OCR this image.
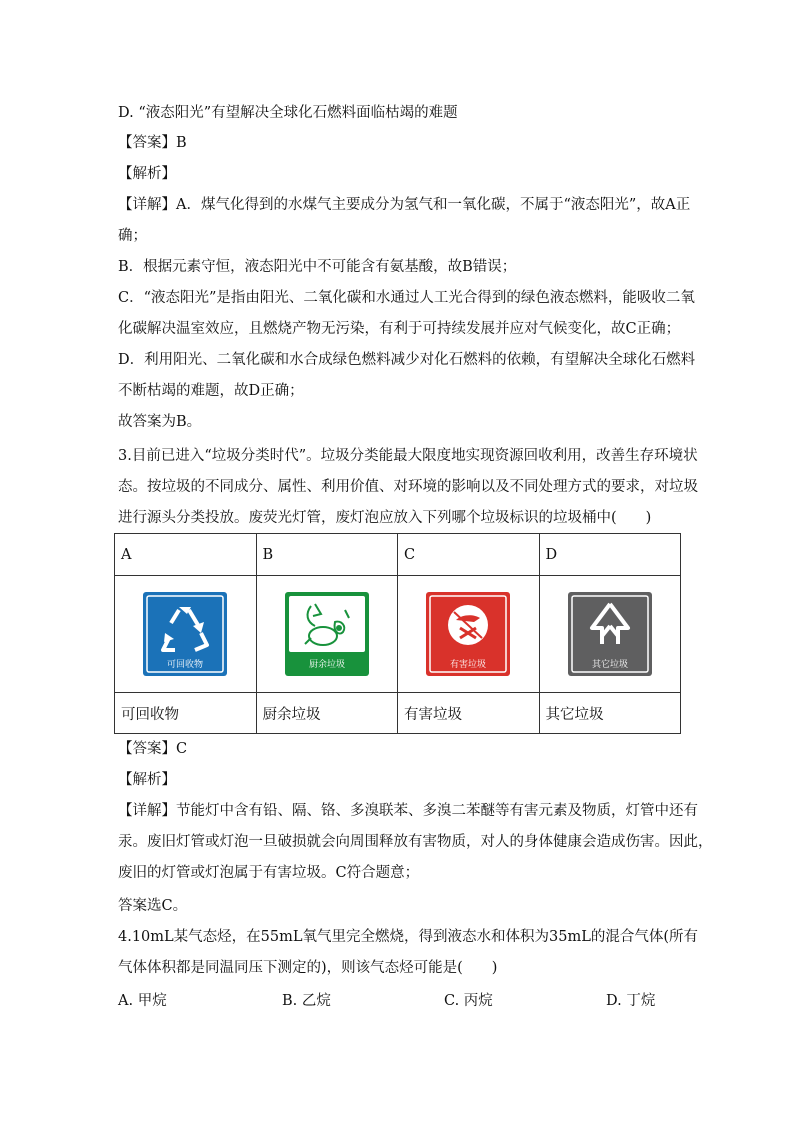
D. “液态阳光”有望解决全球化石燃料面临枯竭的难题
【答案】B
【解析】
【详解】A．煤气化得到的水煤气主要成分为氢气和一氧化碳，不属于“液态阳光”，故A正
确；
B．根据元素守恒，液态阳光中不可能含有氨基酸，故B错误；
C．“液态阳光”是指由阳光、二氧化碳和水通过人工光合得到的绿色液态燃料，能吸收二氧
化碳解决温室效应，且燃烧产物无污染，有利于可持续发展并应对气候变化，故C正确；
D．利用阳光、二氧化碳和水合成绿色燃料减少对化石燃料的依赖，有望解决全球化石燃料
不断枯竭的难题，故D正确；
故答案为B。
3.目前已进入“垃圾分类时代”。垃圾分类能最大限度地实现资源回收利用，改善生存环境状
态。按垃圾的不同成分、属性、利用价值、对环境的影响以及不同处理方式的要求，对垃圾
进行源头分类投放。废荧光灯管，废灯泡应放入下列哪个垃圾标识的垃圾桶中(　　)
A	B	C	D

可回收物	厨余垃圾	有害垃圾	其它垃圾

可回收物	厨余垃圾	有害垃圾	其它垃圾
【答案】C
【解析】
【详解】节能灯中含有铅、隔、铬、多溴联苯、多溴二苯醚等有害元素及物质，灯管中还有
汞。废旧灯管或灯泡一旦破损就会向周围释放有害物质，对人的身体健康会造成伤害。因此，
废旧的灯管或灯泡属于有害垃圾。C符合题意；
答案选C。
4.10mL某气态烃，在55mL氧气里完全燃烧，得到液态水和体积为35mL的混合气体(所有
气体体积都是同温同压下测定的)，则该气态烃可能是(　　)
A. 甲烷	B. 乙烷	C. 丙烷	D. 丁烷
